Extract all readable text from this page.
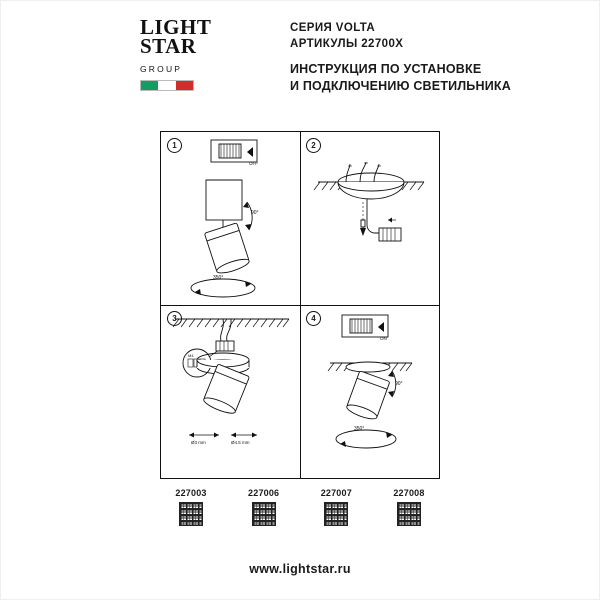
LIGHT
STAR
GROUP
СЕРИЯ VOLTA
АРТИКУЛЫ 22700X
ИНСТРУКЦИЯ ПО УСТАНОВКЕ
И ПОДКЛЮЧЕНИЮ СВЕТИЛЬНИКА
1
OFF
90°
350°
2
3
M4
Ø3 mm	Ø4.5 mm
4
ON
90°
350°
227003	227006	227007	227008
www.lightstar.ru
